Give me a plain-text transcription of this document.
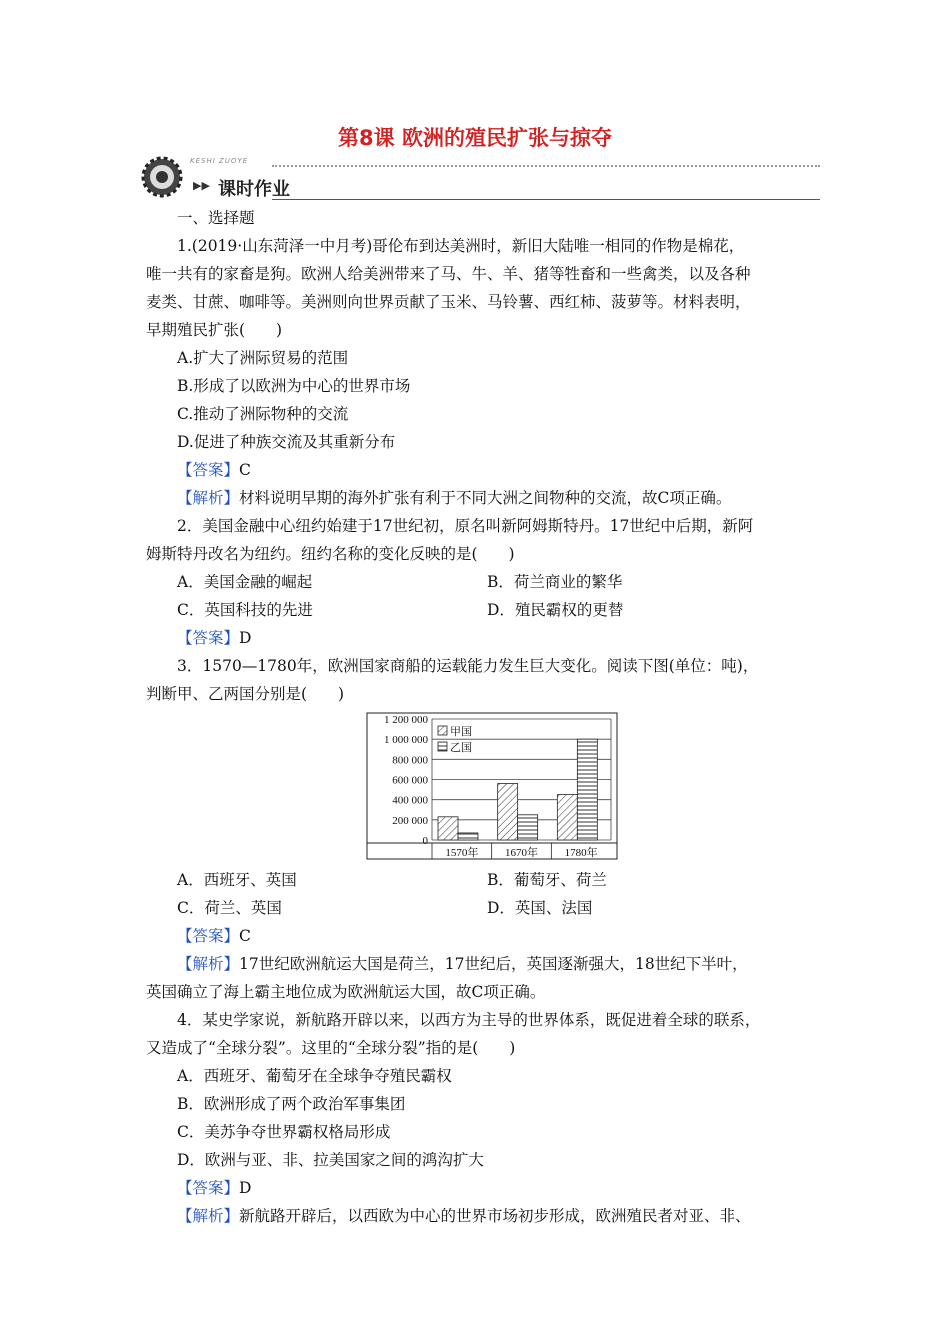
第8课 欧洲的殖民扩张与掠夺
KESHI ZUOYE
▶▶ 课时作业

一、选择题

1.(2019·山东菏泽一中月考)哥伦布到达美洲时，新旧大陆唯一相同的作物是棉花，

唯一共有的家畜是狗。欧洲人给美洲带来了马、牛、羊、猪等牲畜和一些禽类，以及各种

麦类、甘蔗、咖啡等。美洲则向世界贡献了玉米、马铃薯、西红柿、菠萝等。材料表明，

早期殖民扩张(　　)

A.扩大了洲际贸易的范围

B.形成了以欧洲为中心的世界市场

C.推动了洲际物种的交流

D.促进了种族交流及其重新分布

【答案】C

【解析】材料说明早期的海外扩张有利于不同大洲之间物种的交流，故C项正确。

2．美国金融中心纽约始建于17世纪初，原名叫新阿姆斯特丹。17世纪中后期，新阿

姆斯特丹改名为纽约。纽约名称的变化反映的是(　　)

A．美国金融的崛起	B．荷兰商业的繁华
C．英国科技的先进	D．殖民霸权的更替

【答案】D

3．1570—1780年，欧洲国家商船的运载能力发生巨大变化。阅读下图(单位：吨)，

判断甲、乙两国分别是(　　)

1 200 000
1 000 000
800 000
600 000
400 000
200 000
0
1570年 1670年 1780年
甲国
乙国
A．西班牙、英国	B．葡萄牙、荷兰
C．荷兰、英国	D．英国、法国

【答案】C

【解析】17世纪欧洲航运大国是荷兰，17世纪后，英国逐渐强大，18世纪下半叶，

英国确立了海上霸主地位成为欧洲航运大国，故C项正确。

4．某史学家说，新航路开辟以来，以西方为主导的世界体系，既促进着全球的联系，

又造成了“全球分裂”。这里的“全球分裂”指的是(　　)

A．西班牙、葡萄牙在全球争夺殖民霸权

B．欧洲形成了两个政治军事集团

C．美苏争夺世界霸权格局形成

D．欧洲与亚、非、拉美国家之间的鸿沟扩大

【答案】D

【解析】新航路开辟后，以西欧为中心的世界市场初步形成，欧洲殖民者对亚、非、
